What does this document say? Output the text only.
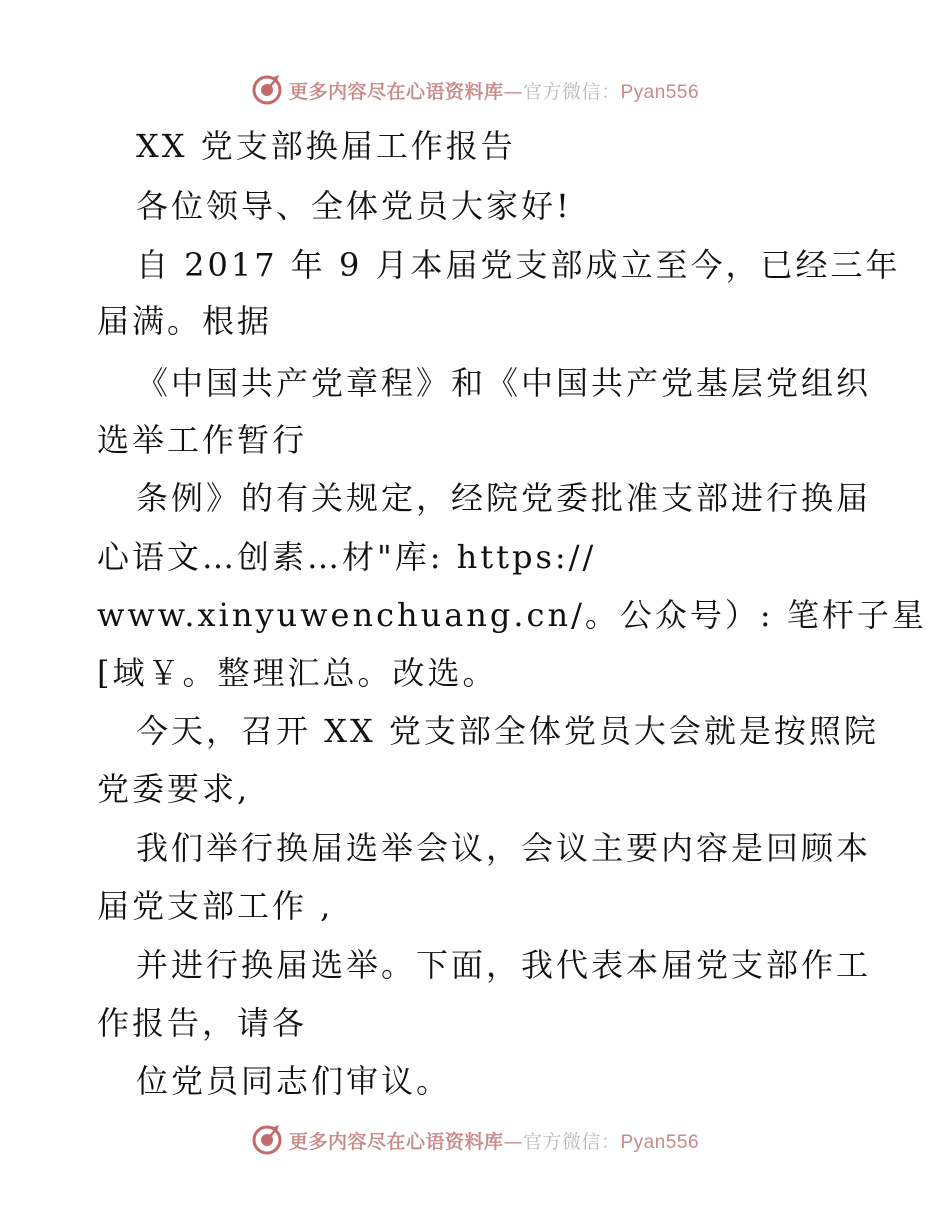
更多内容尽在心语资料库—官方微信：Pyan556
XX 党支部换届工作报告
各位领导、全体党员大家好!
自 2017 年 9 月本届党支部成立至今，已经三年
届满。根据
《中国共产党章程》和《中国共产党基层党组织
选举工作暂行
条例》的有关规定，经院党委批准支部进行换届
心语文…创素…材"库: https://
www.xinyuwenchuang.cn/。公众号）: 笔杆子星
[域￥。整理汇总。改选。
今天，召开 XX 党支部全体党员大会就是按照院
党委要求,
我们举行换届选举会议，会议主要内容是回顾本
届党支部工作 ,
并进行换届选举。下面，我代表本届党支部作工
作报告，请各
位党员同志们审议。
更多内容尽在心语资料库—官方微信：Pyan556
